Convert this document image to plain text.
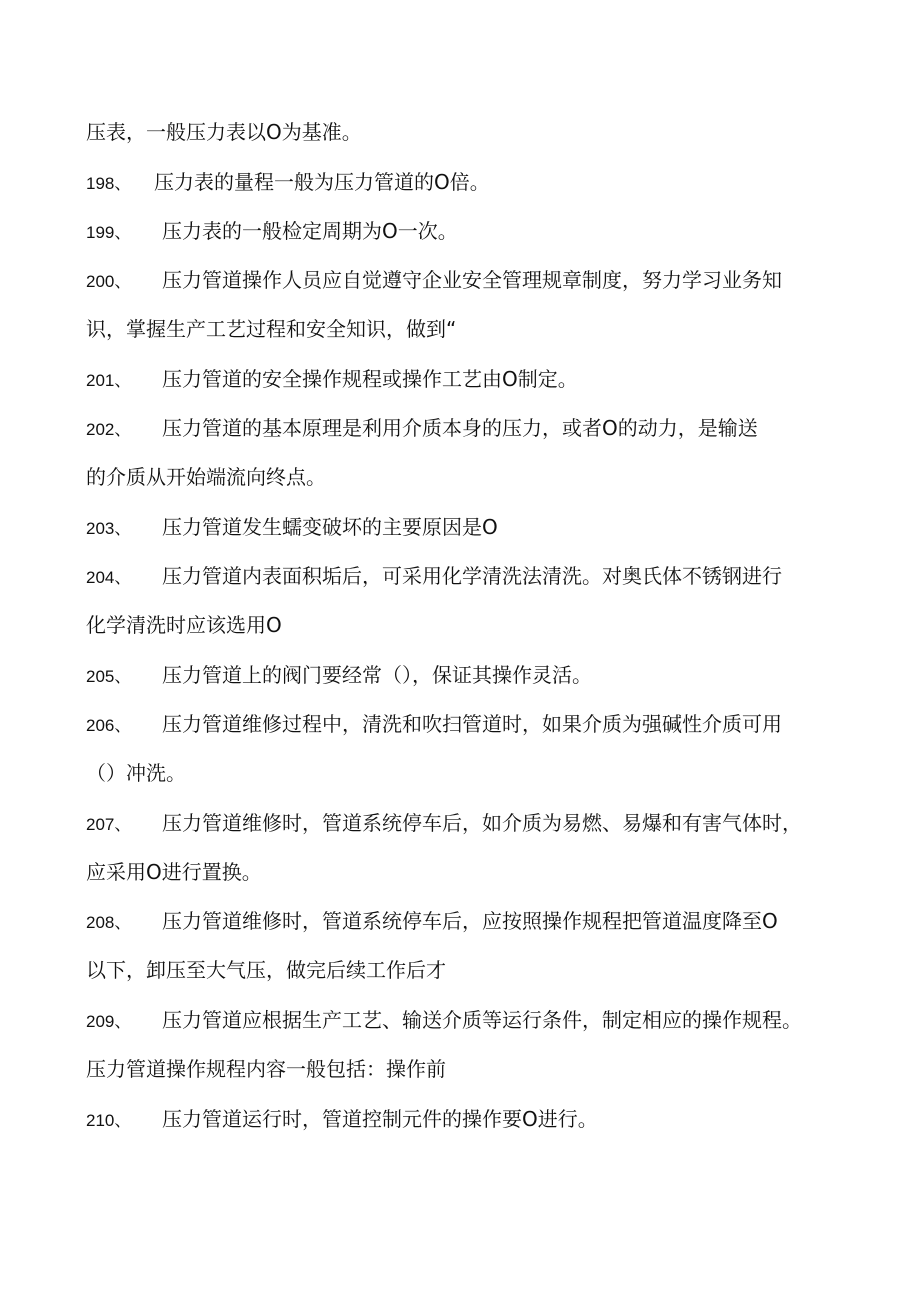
压表，一般压力表以O为基准。
198、 压力表的量程一般为压力管道的O倍。
199、 压力表的一般检定周期为O一次。
200、 压力管道操作人员应自觉遵守企业安全管理规章制度，努力学习业务知
识，掌握生产工艺过程和安全知识，做到“
201、 压力管道的安全操作规程或操作工艺由O制定。
202、 压力管道的基本原理是利用介质本身的压力，或者O的动力，是输送
的介质从开始端流向终点。
203、 压力管道发生蠕变破坏的主要原因是O
204、 压力管道内表面积垢后，可采用化学清洗法清洗。对奥氏体不锈钢进行
化学清洗时应该选用O
205、 压力管道上的阀门要经常（），保证其操作灵活。
206、 压力管道维修过程中，清洗和吹扫管道时，如果介质为强碱性介质可用
（）冲洗。
207、 压力管道维修时，管道系统停车后，如介质为易燃、易爆和有害气体时，
应采用O进行置换。
208、 压力管道维修时，管道系统停车后，应按照操作规程把管道温度降至O
以下，卸压至大气压，做完后续工作后才
209、 压力管道应根据生产工艺、输送介质等运行条件，制定相应的操作规程。
压力管道操作规程内容一般包括：操作前
210、 压力管道运行时，管道控制元件的操作要O进行。
